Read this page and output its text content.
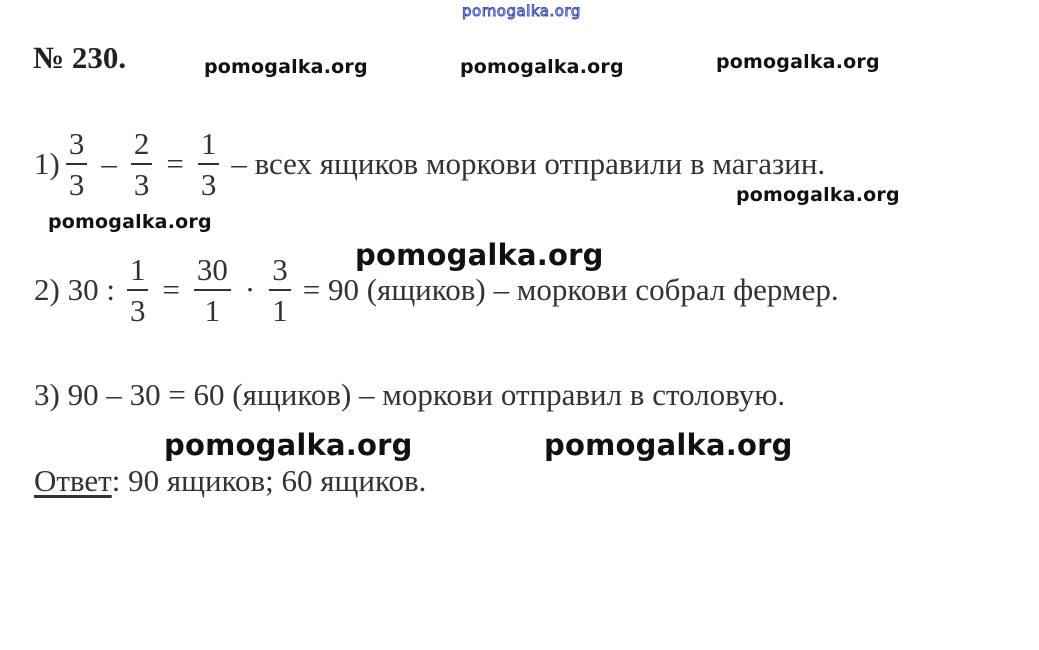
pomogalka.org
pomogalka.org	pomogalka.org	pomogalka.org
pomogalka.org
pomogalka.org
pomogalka.org
pomogalka.org	pomogalka.org
№ 230.
$1) \frac{3}{3} - \frac{2}{3} = \frac{1}{3}$ – всех ящиков моркови отправили в магазин.
2) 30 : $\frac{1}{3} = \frac{30}{1} \cdot \frac{3}{1} = 90$ (ящиков) – моркови собрал фермер.
3) 90 – 30 = 60 (ящиков) – моркови отправил в столовую.
Ответ : 90 ящиков; 60 ящиков.
